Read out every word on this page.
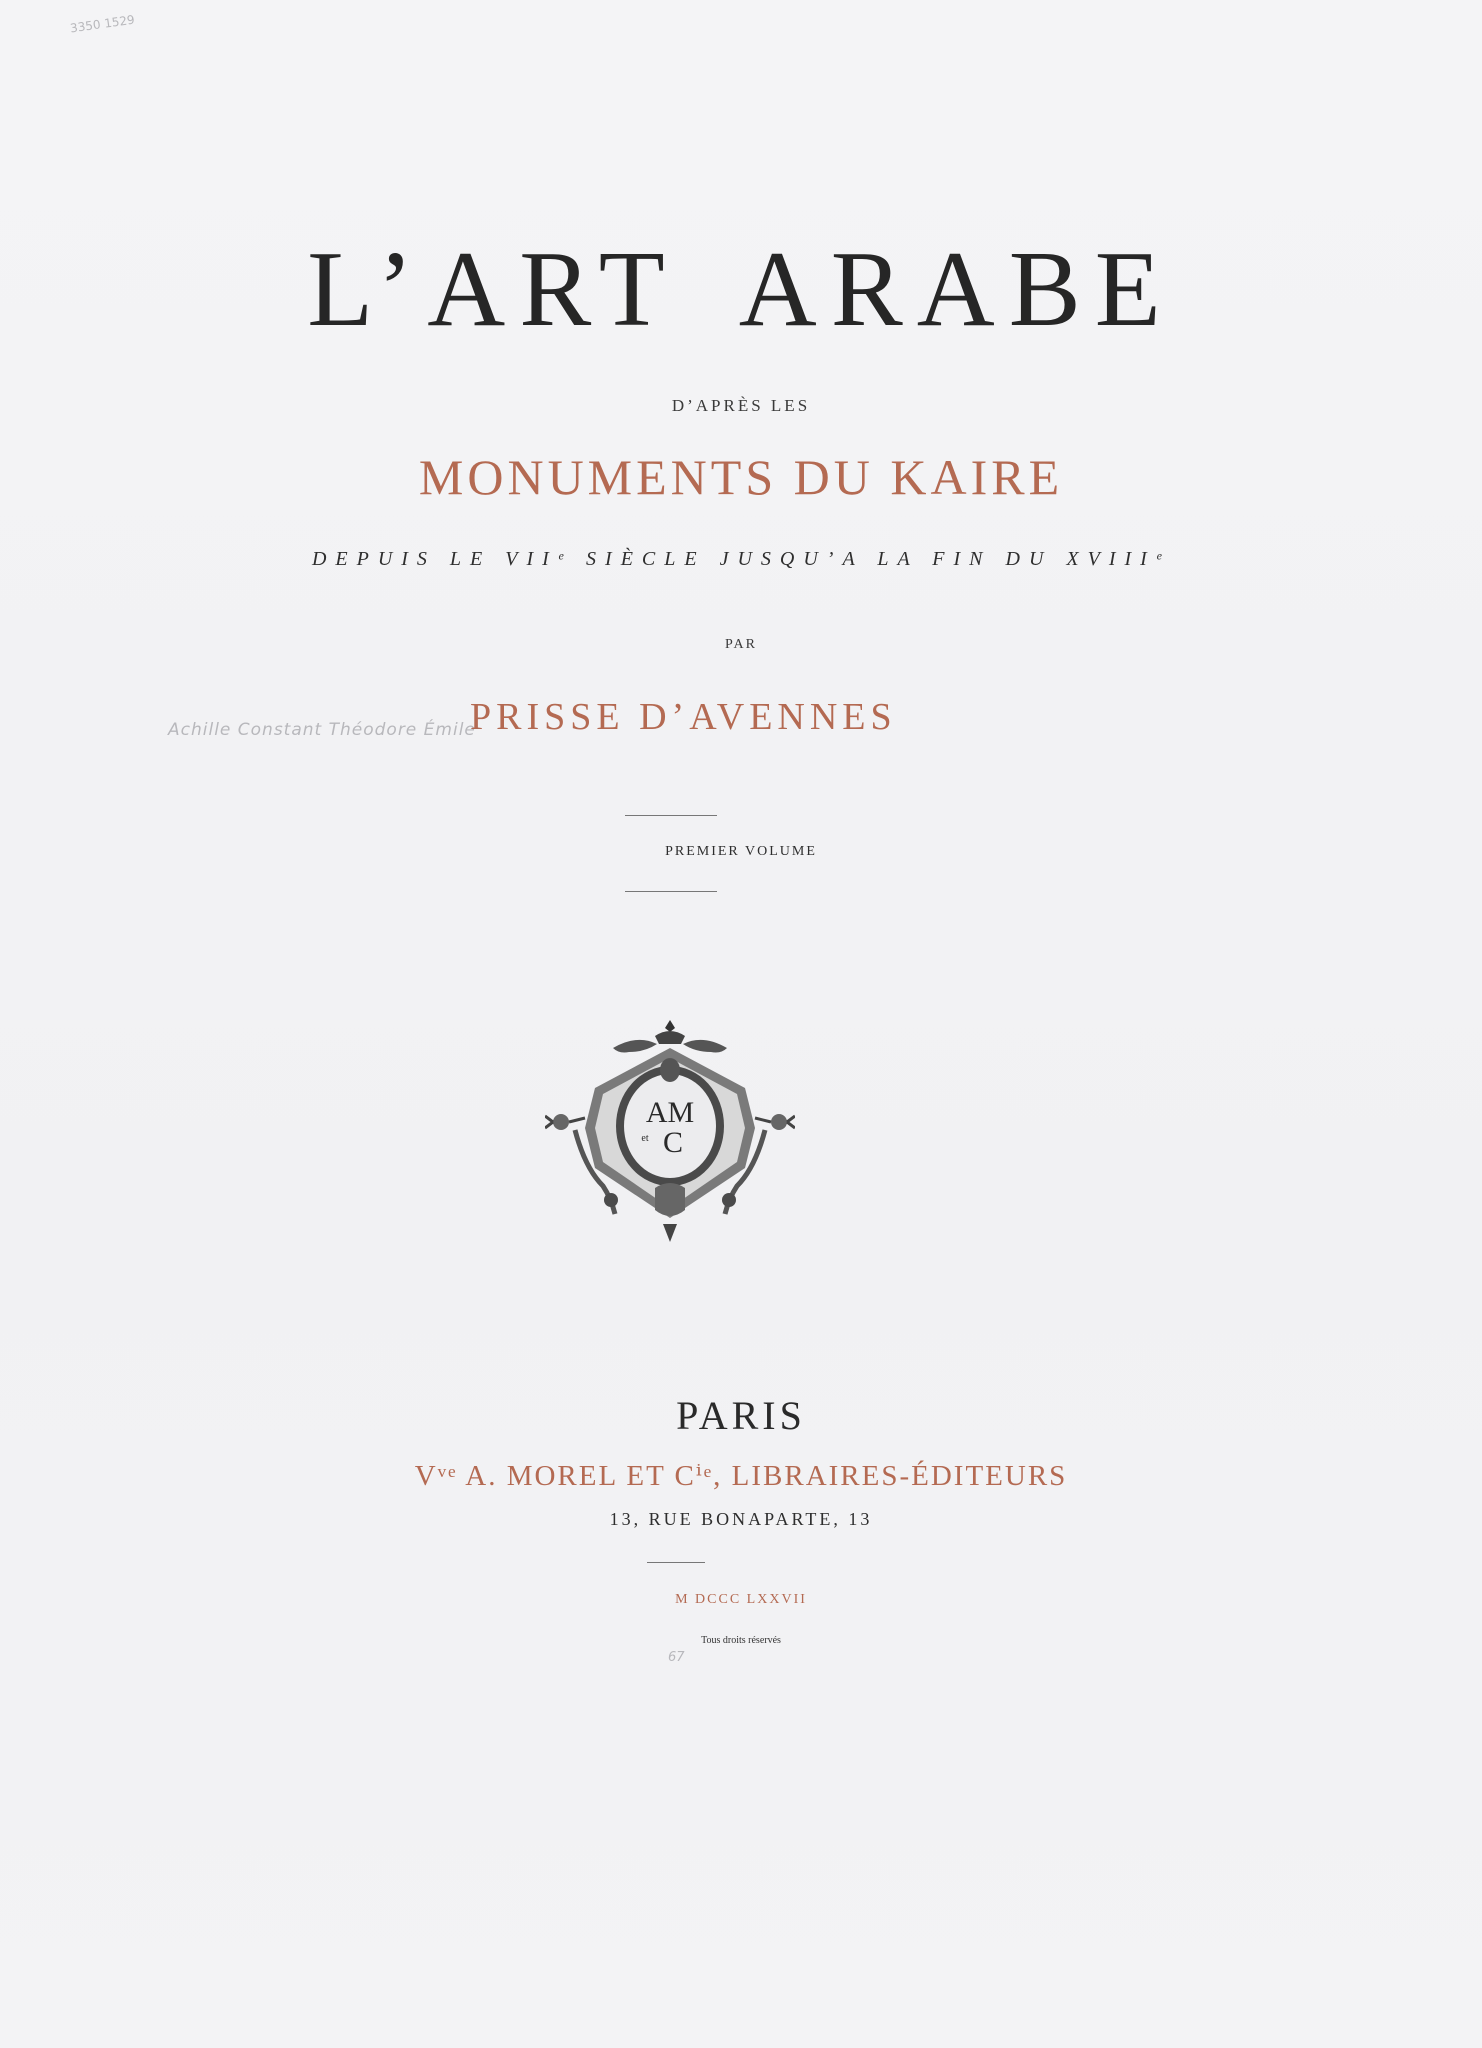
3350 1529
L’ART ARABE
D’APRÈS LES
MONUMENTS DU KAIRE
DEPUIS LE VIIᵉ SIÈCLE JUSQU’A LA FIN DU XVIIIᵉ
PAR
Achille Constant Théodore Émile
PRISSE D’AVENNES
PREMIER VOLUME
AM
et C
PARIS
Vᵛᵉ A. MOREL ET Cⁱᵉ, LIBRAIRES-ÉDITEURS
13, RUE BONAPARTE, 13
M DCCC LXXVII
Tous droits réservés
67
